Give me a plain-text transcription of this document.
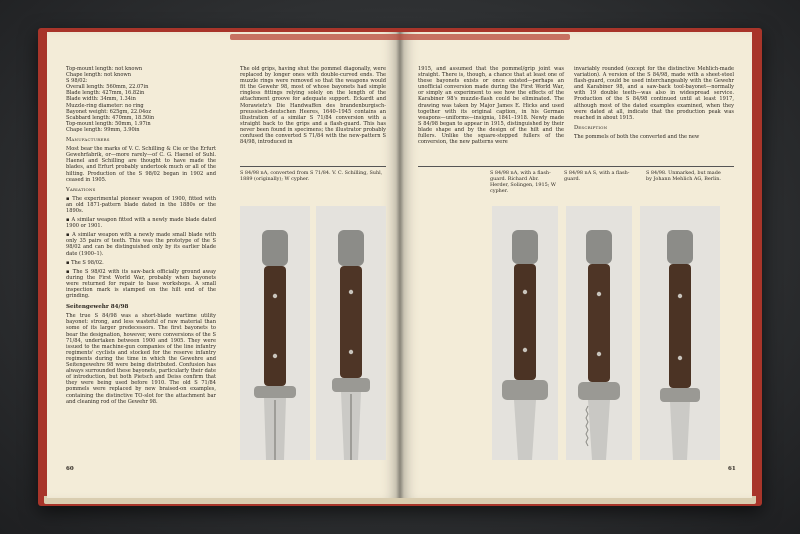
Top-mount length: not known
Chape length: not known
S 98/02:
Overall length: 560mm, 22.07in
Blade length: 427mm, 16.82in
Blade width: 34mm, 1.34in
Muzzle-ring diameter: no ring
Bayonet weight: 625gm, 22.04oz
Scabbard length: 470mm, 18.50in
Top-mount length: 50mm, 1.97in
Chape length: 99mm, 3.90in

Manufacturers

Most bear the marks of V. C. Schilling & Cie or the Erfurt Gewehrfabrik, or—more rarely—of C. G. Haenel of Suhl. Haenel and Schilling are thought to have made the blades, and Erfurt probably undertook much or all of the hilting. Production of the S 98/02 began in 1902 and ceased in 1905.

Variations

▪ The experimental pioneer weapon of 1900, fitted with an old 1871-pattern blade dated in the 1880s or the 1890s.

▪ A similar weapon fitted with a newly made blade dated 1900 or 1901.

▪ A similar weapon with a newly made small blade with only 35 pairs of teeth. This was the prototype of the S 98/02 and can be distinguished only by its earlier blade date (1900–1).

▪ The S 98/02.

▪ The S 98/02 with its saw-back officially ground away during the First World War, probably when bayonets were returned for repair to base workshops. A small inspection mark is stamped on the hilt end of the grinding.

Seitengewehr 84/98

The true S 84/98 was a short-blade wartime utility bayonet: strong, and less wasteful of raw material than some of its larger predecessors. The first bayonets to bear the designation, however, were conversions of the S 71/84, undertaken between 1900 and 1905. They were issued to the machine-gun companies of the line infantry regiments' cyclists and stocked for the reserve infantry regiments during the time in which the Gewehre and Seitengewehre 98 were being distributed. Confusion has always surrounded these bayonets, particularly their date of introduction, but both Pietsch and Deiss confirm that they were being used before 1910. The old S 71/84 pommels were replaced by new braised-on examples, containing the distinctive TO-slot for the attachment bar and cleaning rod of the Gewehr 98.

The old grips, having shut the pommel diagonally, were replaced by longer ones with double-curved ends. The muzzle rings were removed so that the weapons would fit the Gewehr 98, most of whose bayonets had simple ringless fittings relying solely on the length of the attachment groove for adequate support. Eckardt and Morawietz's Die Handwaffen des brandenburgisch-preussisch-deutschen Heeres, 1640–1945 contains an illustration of a similar S 71/84 conversion with a straight back to the grips and a flash-guard. This has never been found in specimens; the illustrator probably confused the converted S 71/84 with the new-pattern S 84/98, introduced in

S 84/98 nA, converted from S 71/84. V. C. Schilling, Suhl, 1889 (originally); W cypher.
60

1915, and assumed that the pommel/grip joint was straight. There is, though, a chance that at least one of these bayonets exists or once existed—perhaps an unofficial conversion made during the First World War, or simply an experiment to see how the effects of the Karabiner 98's muzzle-flash could be eliminated. The drawing was taken by Major James E. Hicks and used together with its original caption, in his German weapons—uniforms—insignia, 1841–1918. Newly made S 84/98 began to appear in 1915, distinguished by their blade shape and by the design of the hilt and the fullers. Unlike the square-stepped fullers of the conversion, the new patterns were

invariably rounded (except for the distinctive Mehlich-made variation). A version of the S 84/98, made with a sheet-steel flash-guard, could be used interchangeably with the Gewehr and Karabiner 98, and a saw-back tool-bayonet—normally with 19 double teeth—was also in widespread service. Production of the S 84/98 continued until at least 1917, although most of the dated examples examined, when they were dated at all, indicate that the production peak was reached in about 1915.

Description

The pommels of both the converted and the new

S 84/98 nA, with a flash-guard. Richard Abr. Herder, Solingen, 1915; W cypher.
S 84/98 nA S, with a flash-guard.
S 84/98. Unmarked, but made by Johann Mehlich AG, Berlin.
61
